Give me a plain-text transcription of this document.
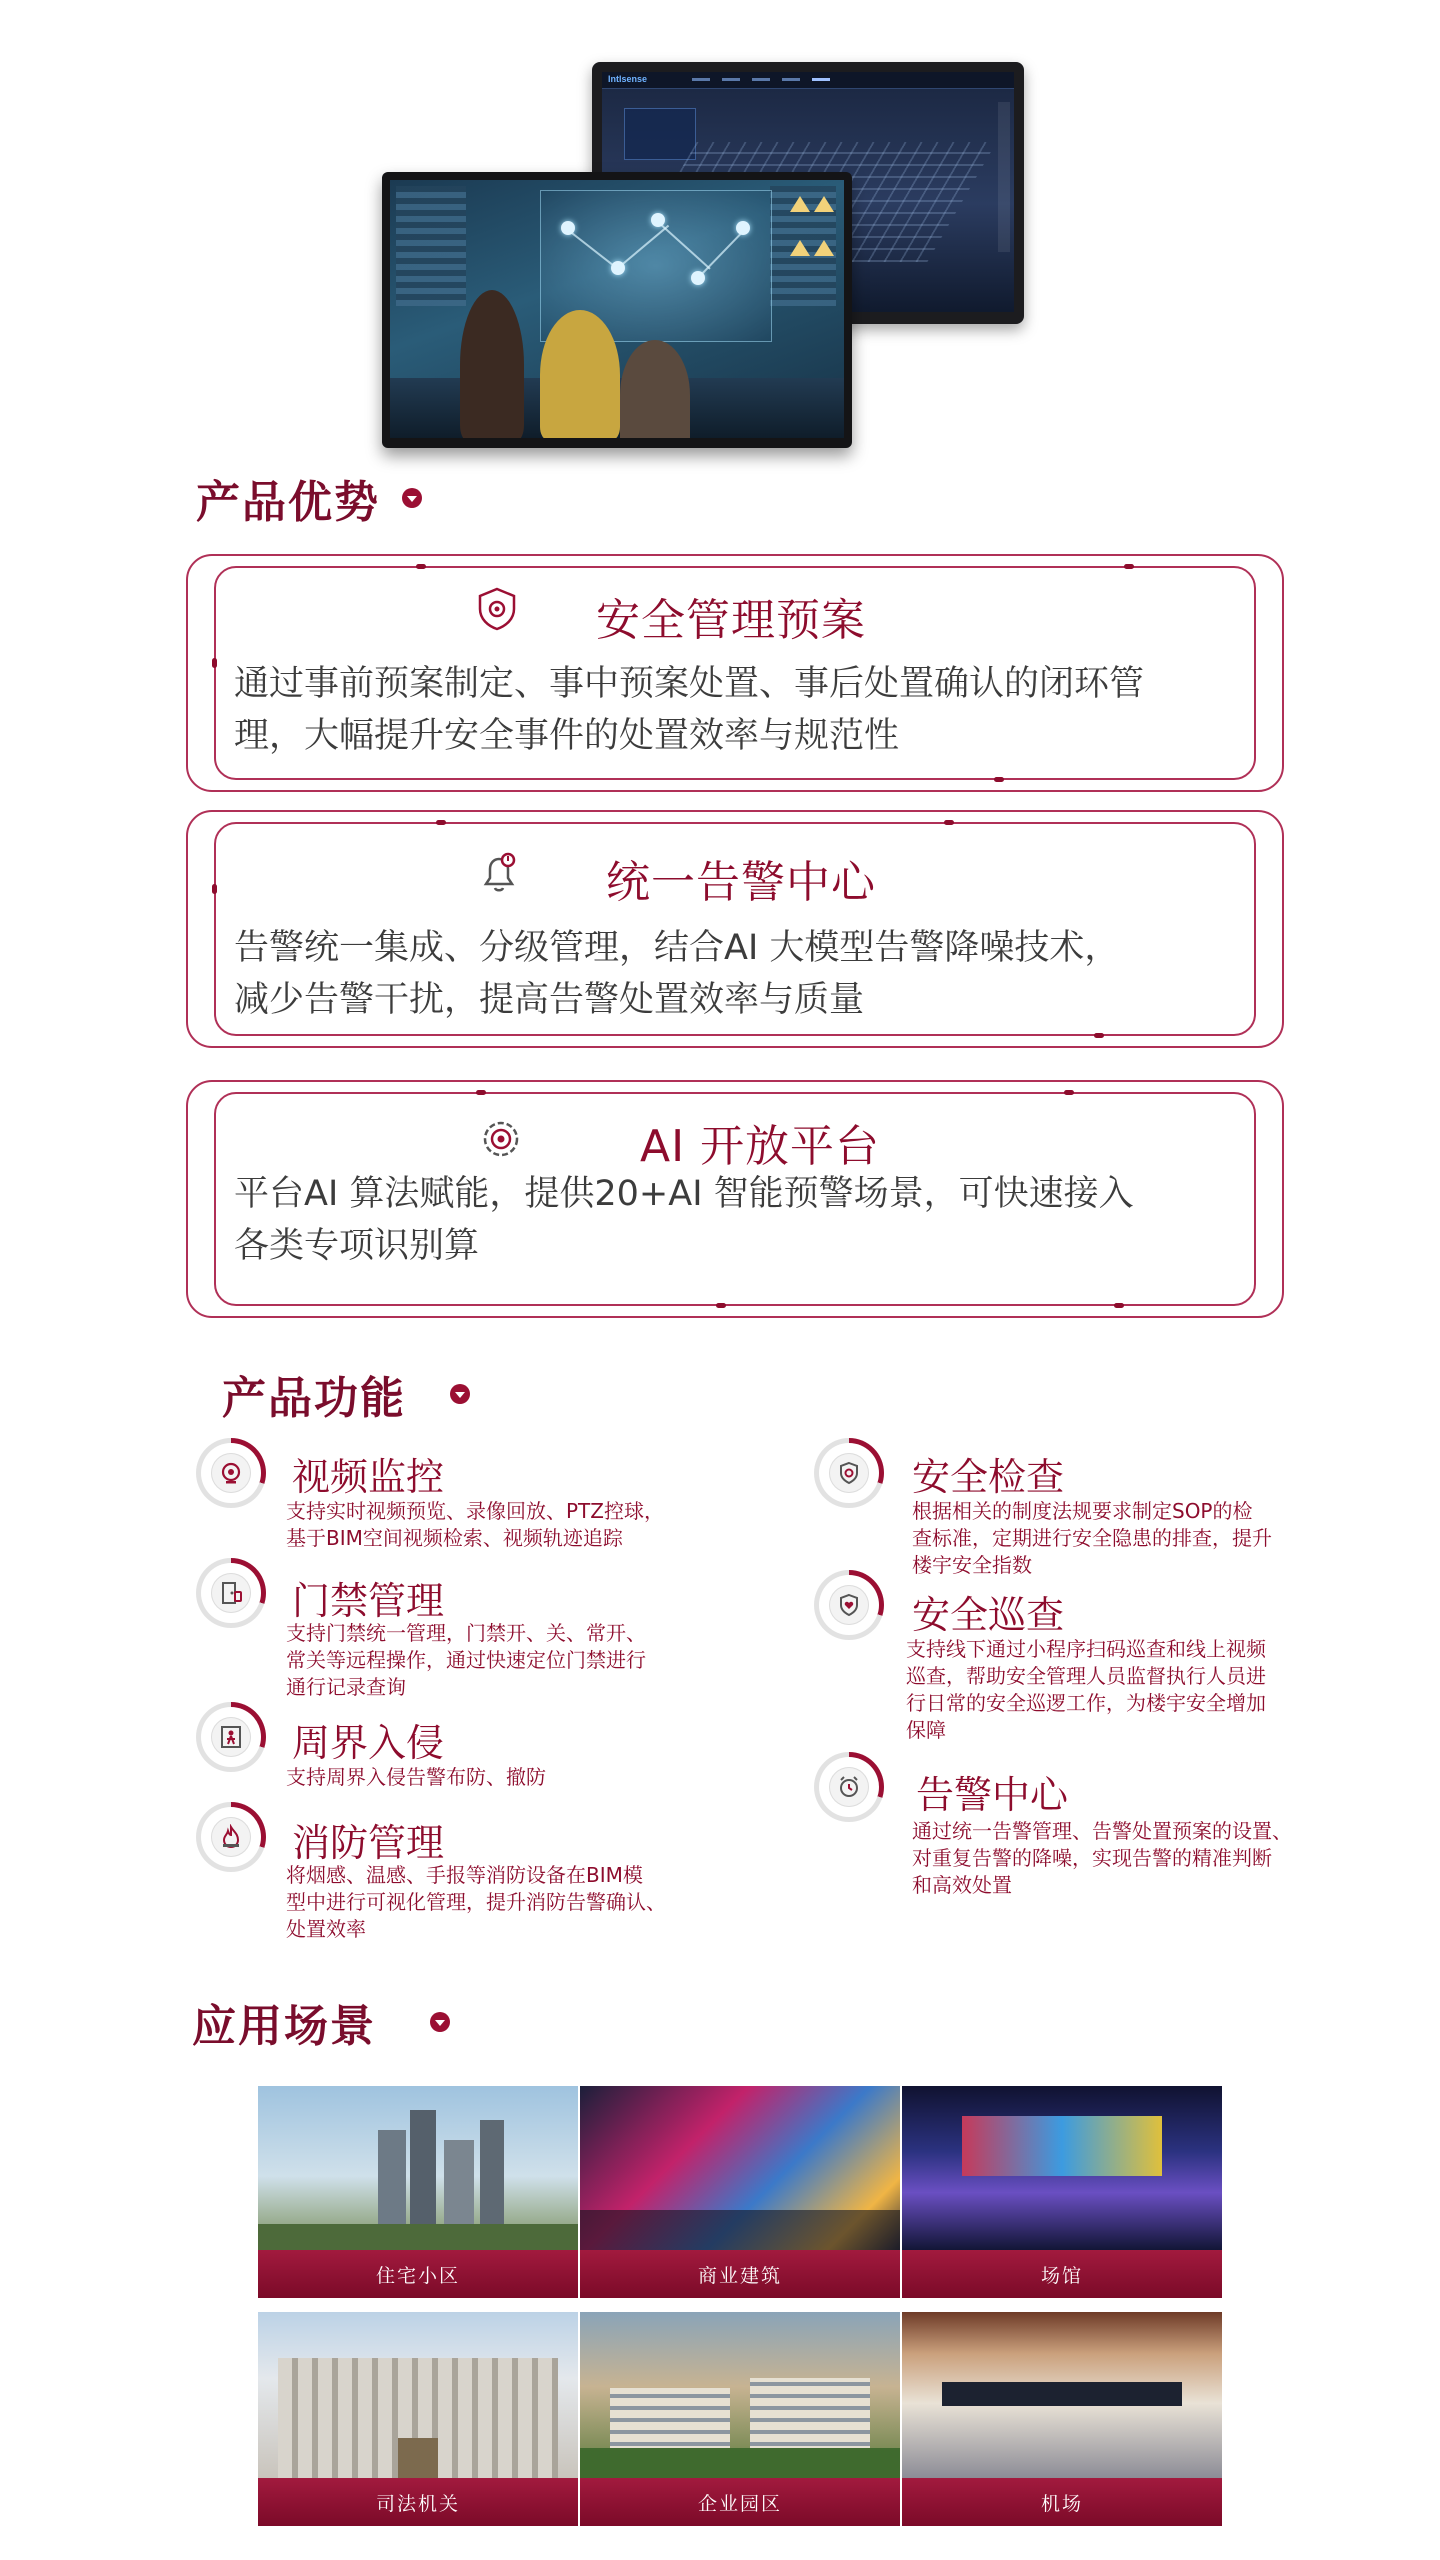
Intlsense
产品优势
安全管理预案
通过事前预案制定、事中预案处置、事后处置确认的闭环管
理，大幅提升安全事件的处置效率与规范性
统一告警中心
告警统一集成、分级管理，结合AI 大模型告警降噪技术，
减少告警干扰，提高告警处置效率与质量
AI 开放平台
平台AI 算法赋能，提供20+AI 智能预警场景，可快速接入
各类专项识别算
产品功能
视频监控
支持实时视频预览、录像回放、PTZ控球，
基于BIM空间视频检索、视频轨迹追踪
门禁管理
支持门禁统一管理，门禁开、关、常开、
常关等远程操作，通过快速定位门禁进行
通行记录查询
周界入侵
支持周界入侵告警布防、撤防
消防管理
将烟感、温感、手报等消防设备在BIM模
型中进行可视化管理，提升消防告警确认、
处置效率
安全检查
根据相关的制度法规要求制定SOP的检
查标准，定期进行安全隐患的排查，提升
楼宇安全指数
安全巡查
支持线下通过小程序扫码巡查和线上视频
巡查，帮助安全管理人员监督执行人员进
行日常的安全巡逻工作，为楼宇安全增加
保障
告警中心
通过统一告警管理、告警处置预案的设置、
对重复告警的降噪，实现告警的精准判断
和高效处置
应用场景
住宅小区	商业建筑	场馆
司法机关	企业园区	机场
